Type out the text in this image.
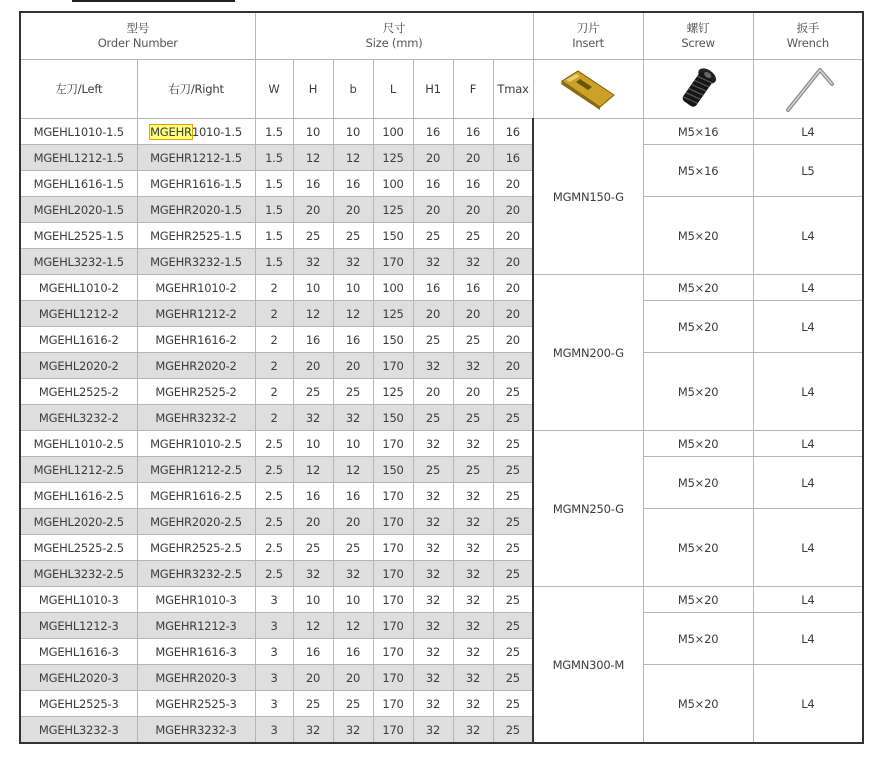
型号
Order Number		尺寸
Size (mm)							刀片
Insert	螺钉
Screw	扳手
Wrench

左刀/Left	右刀/Right	W	H	b	L	H1	F	Tmax	

MGEHL1010-1.5	MGEHR1010-1.5	1.5	10	10	100	16	16	16	MGMN150-G	M5×16	L4
MGEHL1212-1.5	MGEHR1212-1.5	1.5	12	12	125	20	20	16		M5×16	L5
MGEHL1616-1.5	MGEHR1616-1.5	1.5	16	16	100	16	16	20			
MGEHL2020-1.5	MGEHR2020-1.5	1.5	20	20	125	20	20	20		M5×20	L4
MGEHL2525-1.5	MGEHR2525-1.5	1.5	25	25	150	25	25	20			
MGEHL3232-1.5	MGEHR3232-1.5	1.5	32	32	170	32	32	20			
MGEHL1010-2	MGEHR1010-2	2	10	10	100	16	16	20	MGMN200-G	M5×20	L4
MGEHL1212-2	MGEHR1212-2	2	12	12	125	20	20	20		M5×20	L4
MGEHL1616-2	MGEHR1616-2	2	16	16	150	25	25	20			
MGEHL2020-2	MGEHR2020-2	2	20	20	170	32	32	20		M5×20	L4
MGEHL2525-2	MGEHR2525-2	2	25	25	125	20	20	25			
MGEHL3232-2	MGEHR3232-2	2	32	32	150	25	25	25			
MGEHL1010-2.5	MGEHR1010-2.5	2.5	10	10	170	32	32	25	MGMN250-G	M5×20	L4
MGEHL1212-2.5	MGEHR1212-2.5	2.5	12	12	150	25	25	25		M5×20	L4
MGEHL1616-2.5	MGEHR1616-2.5	2.5	16	16	170	32	32	25			
MGEHL2020-2.5	MGEHR2020-2.5	2.5	20	20	170	32	32	25		M5×20	L4
MGEHL2525-2.5	MGEHR2525-2.5	2.5	25	25	170	32	32	25			
MGEHL3232-2.5	MGEHR3232-2.5	2.5	32	32	170	32	32	25			
MGEHL1010-3	MGEHR1010-3	3	10	10	170	32	32	25	MGMN300-M	M5×20	L4
MGEHL1212-3	MGEHR1212-3	3	12	12	170	32	32	25		M5×20	L4
MGEHL1616-3	MGEHR1616-3	3	16	16	170	32	32	25			
MGEHL2020-3	MGEHR2020-3	3	20	20	170	32	32	25		M5×20	L4
MGEHL2525-3	MGEHR2525-3	3	25	25	170	32	32	25			
MGEHL3232-3	MGEHR3232-3	3	32	32	170	32	32	25			
